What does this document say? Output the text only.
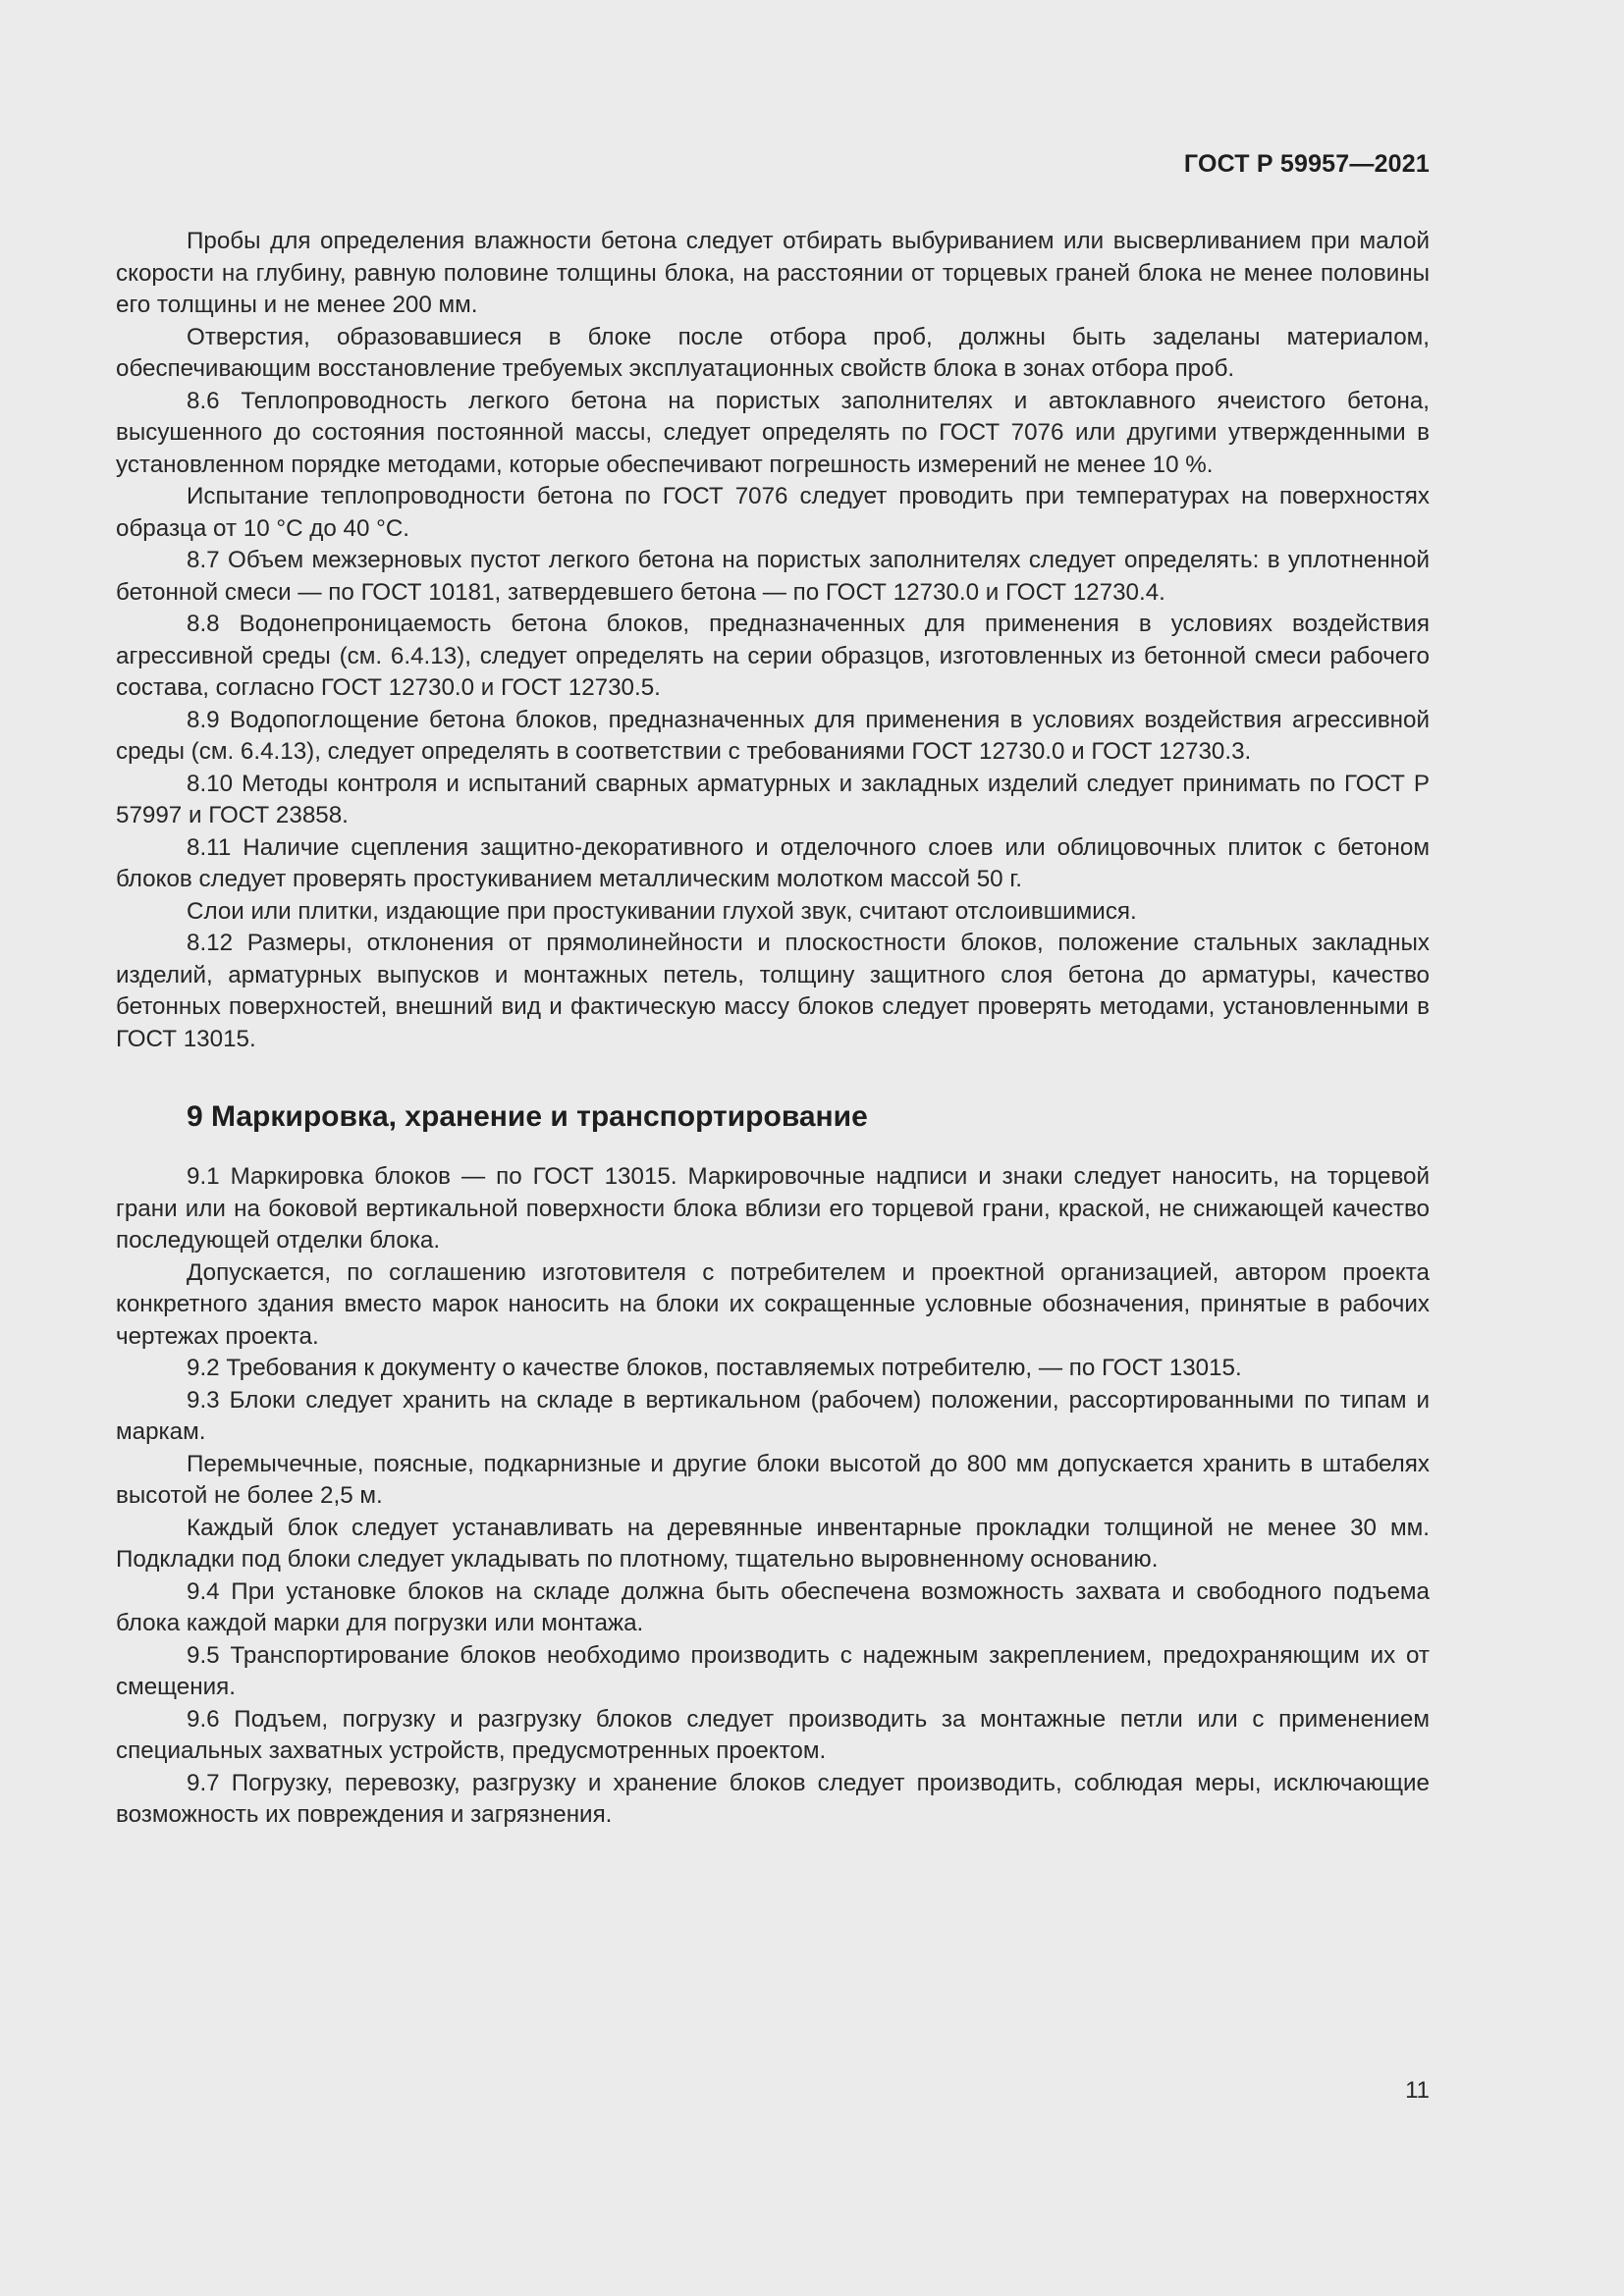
ГОСТ Р 59957—2021

Пробы для определения влажности бетона следует отбирать выбуриванием или высверливанием при малой скорости на глубину, равную половине толщины блока, на расстоянии от торцевых граней блока не менее половины его толщины и не менее 200 мм.

Отверстия, образовавшиеся в блоке после отбора проб, должны быть заделаны материалом, обеспечивающим восстановление требуемых эксплуатационных свойств блока в зонах отбора проб.

8.6 Теплопроводность легкого бетона на пористых заполнителях и автоклавного ячеистого бетона, высушенного до состояния постоянной массы, следует определять по ГОСТ 7076 или другими утвержденными в установленном порядке методами, которые обеспечивают погрешность измерений не менее 10 %.

Испытание теплопроводности бетона по ГОСТ 7076 следует проводить при температурах на поверхностях образца от 10 °С до 40 °С.

8.7 Объем межзерновых пустот легкого бетона на пористых заполнителях следует определять: в уплотненной бетонной смеси — по ГОСТ 10181, затвердевшего бетона — по ГОСТ 12730.0 и ГОСТ 12730.4.

8.8 Водонепроницаемость бетона блоков, предназначенных для применения в условиях воздействия агрессивной среды (см. 6.4.13), следует определять на серии образцов, изготовленных из бетонной смеси рабочего состава, согласно ГОСТ 12730.0 и ГОСТ 12730.5.

8.9 Водопоглощение бетона блоков, предназначенных для применения в условиях воздействия агрессивной среды (см. 6.4.13), следует определять в соответствии с требованиями ГОСТ 12730.0 и ГОСТ 12730.3.

8.10 Методы контроля и испытаний сварных арматурных и закладных изделий следует принимать по ГОСТ Р 57997 и ГОСТ 23858.

8.11 Наличие сцепления защитно-декоративного и отделочного слоев или облицовочных плиток с бетоном блоков следует проверять простукиванием металлическим молотком массой 50 г.

Слои или плитки, издающие при простукивании глухой звук, считают отслоившимися.

8.12 Размеры, отклонения от прямолинейности и плоскостности блоков, положение стальных закладных изделий, арматурных выпусков и монтажных петель, толщину защитного слоя бетона до арматуры, качество бетонных поверхностей, внешний вид и фактическую массу блоков следует проверять методами, установленными в ГОСТ 13015.

9 Маркировка, хранение и транспортирование

9.1 Маркировка блоков — по ГОСТ 13015. Маркировочные надписи и знаки следует наносить, на торцевой грани или на боковой вертикальной поверхности блока вблизи его торцевой грани, краской, не снижающей качество последующей отделки блока.

Допускается, по соглашению изготовителя с потребителем и проектной организацией, автором проекта конкретного здания вместо марок наносить на блоки их сокращенные условные обозначения, принятые в рабочих чертежах проекта.

9.2 Требования к документу о качестве блоков, поставляемых потребителю, — по ГОСТ 13015.

9.3 Блоки следует хранить на складе в вертикальном (рабочем) положении, рассортированными по типам и маркам.

Перемычечные, поясные, подкарнизные и другие блоки высотой до 800 мм допускается хранить в штабелях высотой не более 2,5 м.

Каждый блок следует устанавливать на деревянные инвентарные прокладки толщиной не менее 30 мм. Подкладки под блоки следует укладывать по плотному, тщательно выровненному основанию.

9.4 При установке блоков на складе должна быть обеспечена возможность захвата и свободного подъема блока каждой марки для погрузки или монтажа.

9.5 Транспортирование блоков необходимо производить с надежным закреплением, предохраняющим их от смещения.

9.6 Подъем, погрузку и разгрузку блоков следует производить за монтажные петли или с применением специальных захватных устройств, предусмотренных проектом.

9.7 Погрузку, перевозку, разгрузку и хранение блоков следует производить, соблюдая меры, исключающие возможность их повреждения и загрязнения.

11
